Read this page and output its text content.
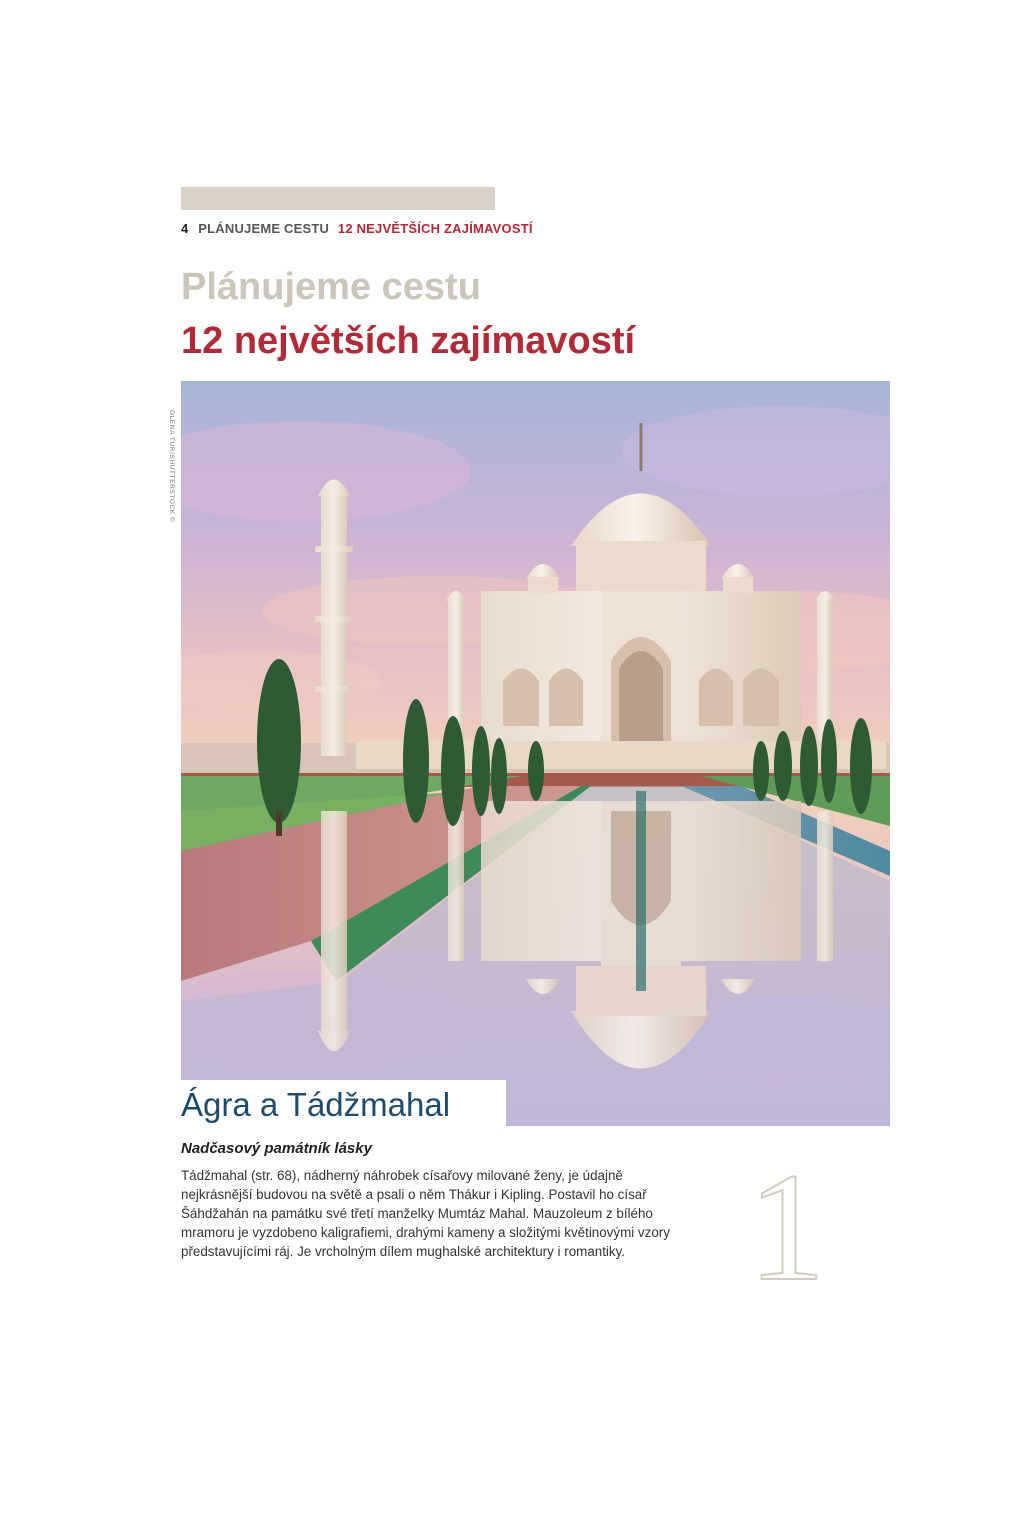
4 PLÁNUJEME CESTU 12 NEJVĚTŠÍCH ZAJÍMAVOSTÍ
Plánujeme cestu
12 největších zajímavostí
OLENA TUR/SHUTTERSTOCK ©
Ágra a Tádžmahal
Nadčasový památník lásky
Tádžmahal (str. 68), nádherný náhrobek císařovy milované ženy, je údajně nejkrásnější budovou na světě a psali o něm Thákur i Kipling. Postavil ho císař Šáhdžahán na památku své třetí manželky Mumtáz Mahal. Mauzoleum z bílého mramoru je vyzdobeno kaligrafiemi, drahými kameny a složitými květinovými vzory představujícími ráj. Je vrcholným dílem mughalské architektury i romantiky. 1
